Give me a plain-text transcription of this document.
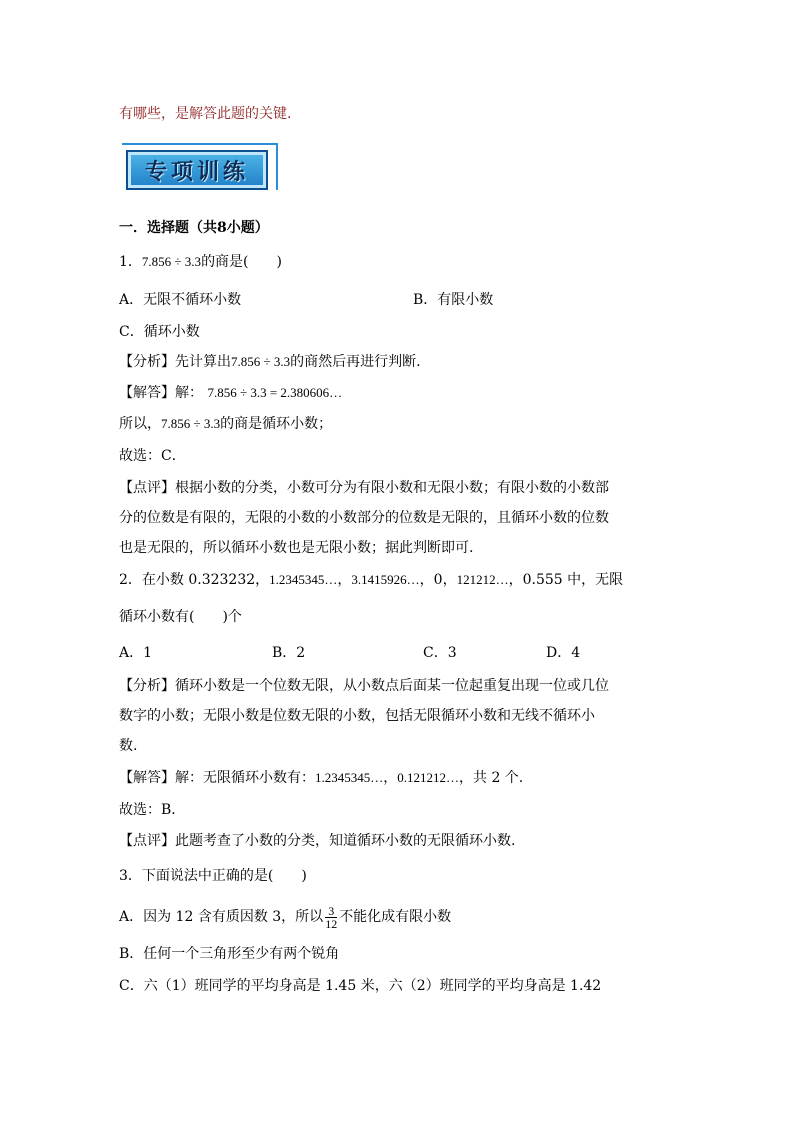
有哪些，是解答此题的关键.
专项训练
一．选择题（共8小题）
1．7.856 ÷ 3.3的商是(　　)
A．无限不循环小数	B．有限小数
C．循环小数
【分析】先计算出7.856 ÷ 3.3的商然后再进行判断.
【解答】解： 7.856 ÷ 3.3 = 2.380606…
所以，7.856 ÷ 3.3的商是循环小数；
故选：C．
【点评】根据小数的分类，小数可分为有限小数和无限小数；有限小数的小数部
分的位数是有限的，无限的小数的小数部分的位数是无限的，且循环小数的位数
也是无限的，所以循环小数也是无限小数；据此判断即可.
2．在小数 0.323232，1.2345345…，3.1415926…，0，121212…，0.555 中，无限
循环小数有(　　)个
A．1	B．2	C．3	D．4
【分析】循环小数是一个位数无限，从小数点后面某一位起重复出现一位或几位
数字的小数；无限小数是位数无限的小数，包括无限循环小数和无线不循环小
数.
【解答】解：无限循环小数有：1.2345345…，0.121212…，共 2 个.
故选：B．
【点评】此题考查了小数的分类，知道循环小数的无限循环小数.
3．下面说法中正确的是(　　)
A．因为 12 含有质因数 3，所以 $\frac{3}{12}$ 不能化成有限小数
B．任何一个三角形至少有两个锐角
C．六（1）班同学的平均身高是 1.45 米，六（2）班同学的平均身高是 1.42
